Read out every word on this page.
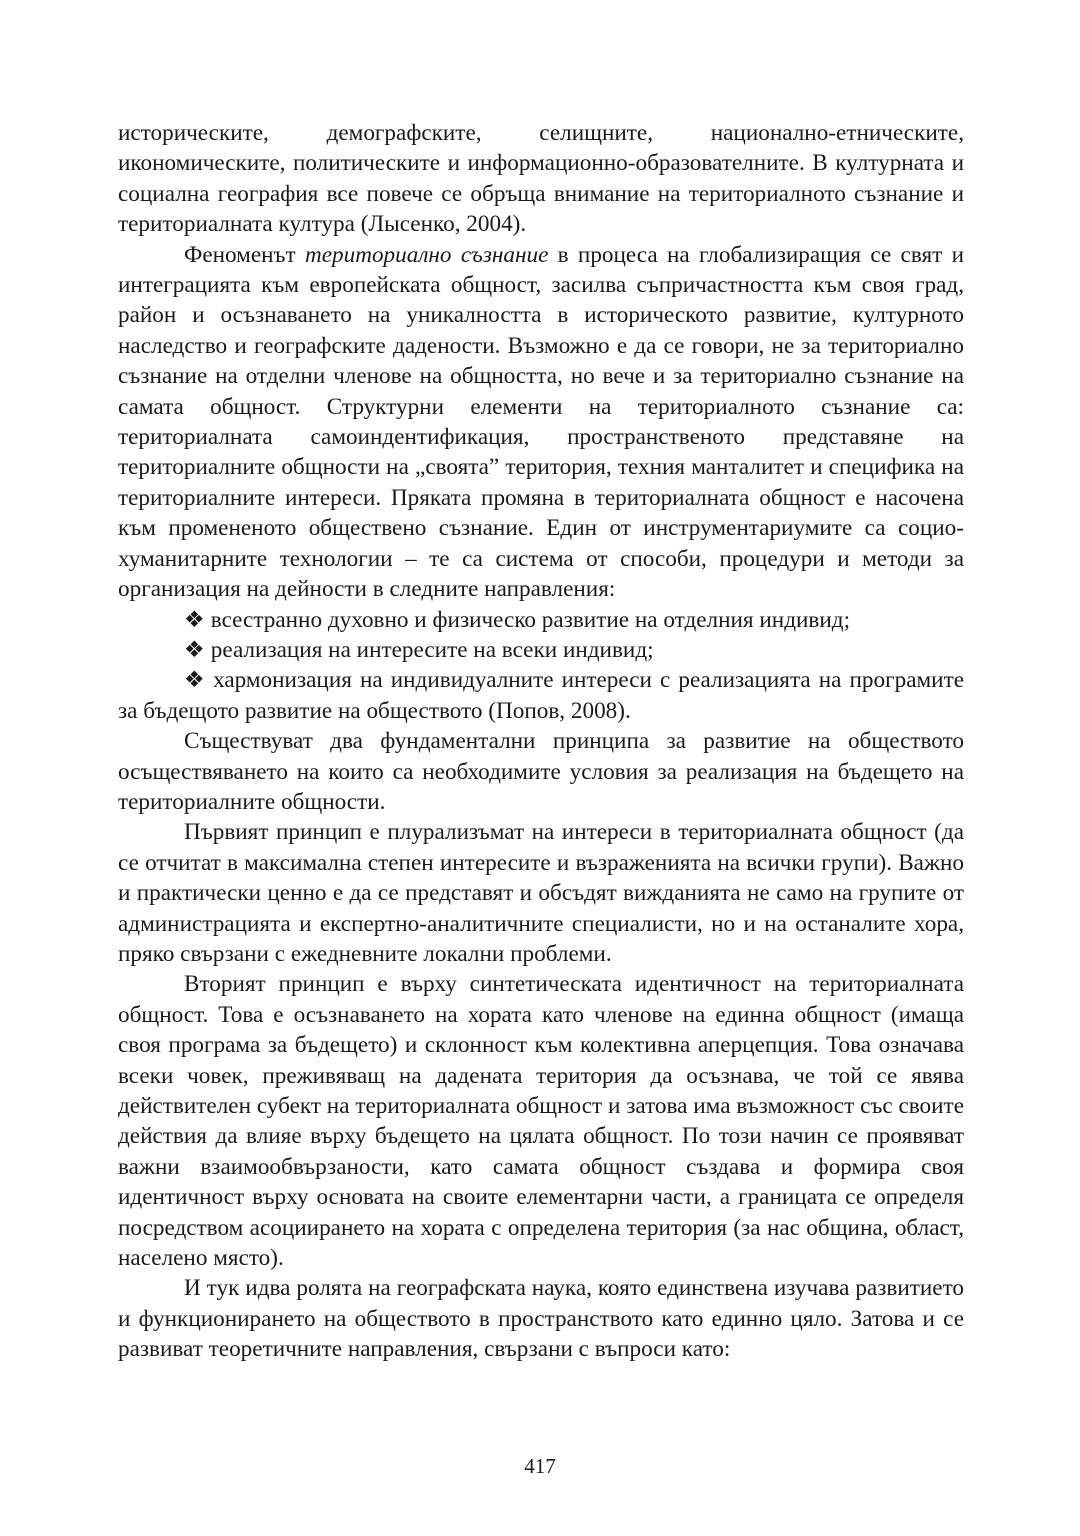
историческите, демографските, селищните, национално-етническите, икономическите, политическите и информационно-образователните. В културната и социална география все повече се обръща внимание на териториалното съзнание и териториалната култура (Лысенко, 2004).

Феноменът териториално съзнание в процеса на глобализиращия се свят и интеграцията към европейската общност, засилва съпричастността към своя град, район и осъзнаването на уникалността в историческото развитие, културното наследство и географските дадености. Възможно е да се говори, не за териториално съзнание на отделни членове на общността, но вече и за териториално съзнание на самата общност. Структурни елементи на териториалното съзнание са: териториалната самоиндентификация, пространственото представяне на териториалните общности на „своята” територия, техния манталитет и специфика на териториалните интереси. Пряката промяна в териториалната общност е насочена към промененото обществено съзнание. Един от инструментариумите са социо-хуманитарните технологии – те са система от способи, процедури и методи за организация на дейности в следните направления:

❖ всестранно духовно и физическо развитие на отделния индивид;

❖ реализация на интересите на всеки индивид;

❖ хармонизация на индивидуалните интереси с реализацията на програмите за бъдещото развитие на обществото (Попов, 2008).

Съществуват два фундаментални принципа за развитие на обществото осъществяването на които са необходимите условия за реализация на бъдещето на териториалните общности.

Първият принцип е плурализъмат на интереси в териториалната общност (да се отчитат в максимална степен интересите и възраженията на всички групи). Важно и практически ценно е да се представят и обсъдят вижданията не само на групите от администрацията и експертно-аналитичните специалисти, но и на останалите хора, пряко свързани с ежедневните локални проблеми.

Вторият принцип е върху синтетическата идентичност на териториалната общност. Това е осъзнаването на хората като членове на единна общност (имаща своя програма за бъдещето) и склонност към колективна аперцепция. Това означава всеки човек, преживяващ на дадената територия да осъзнава, че той се явява действителен субект на териториалната общност и затова има възможност със своите действия да влияе върху бъдещето на цялата общност. По този начин се проявяват важни взаимообвързаности, като самата общност създава и формира своя идентичност върху основата на своите елементарни части, а границата се определя посредством асоциирането на хората с определена територия (за нас община, област, населено място).

И тук идва ролята на географската наука, която единствена изучава развитието и функционирането на обществото в пространството като единно цяло. Затова и се развиват теоретичните направления, свързани с въпроси като:

417
